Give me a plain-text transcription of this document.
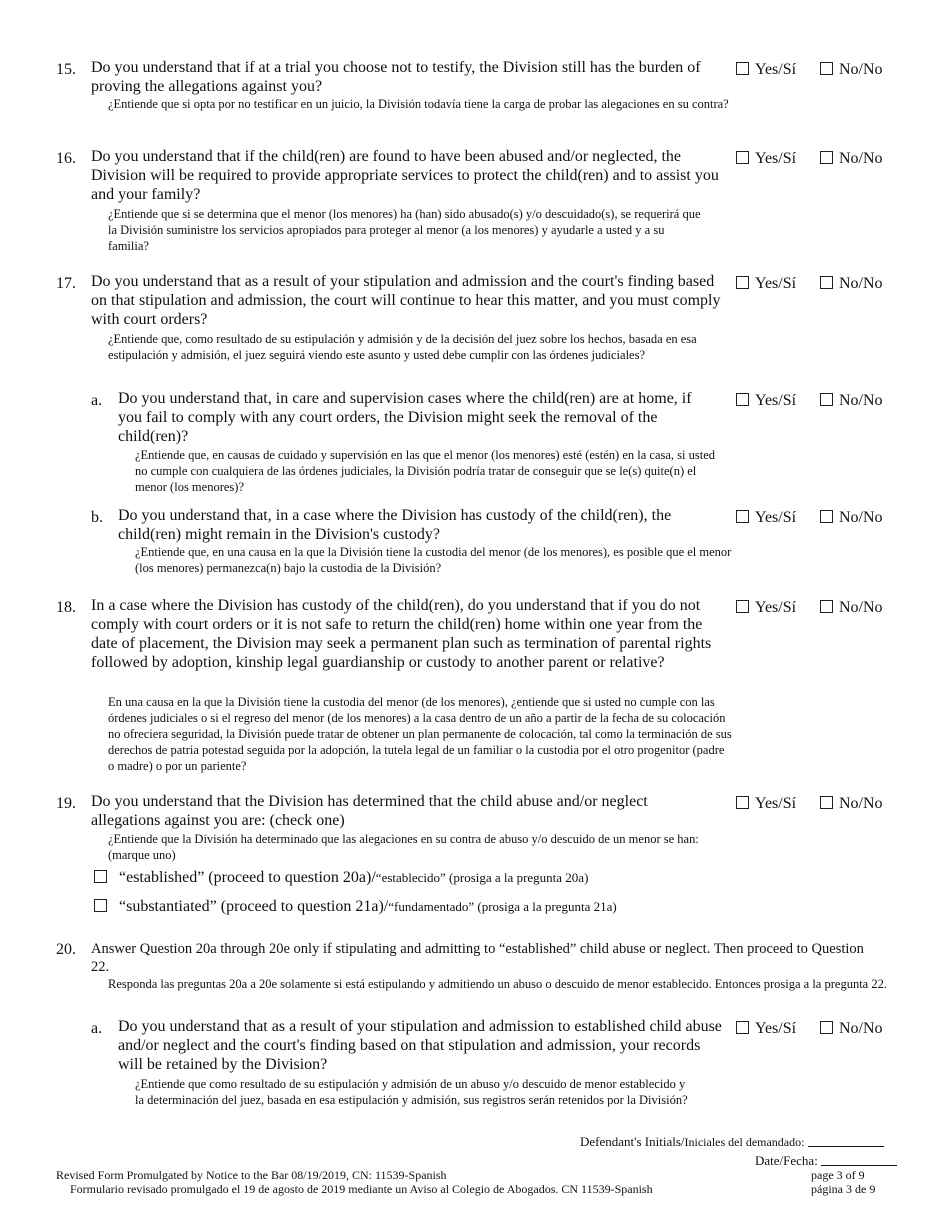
15. Do you understand that if at a trial you choose not to testify, the Division still has the burden of proving the allegations against you?
¿Entiende que si opta por no testificar en un juicio, la División todavía tiene la carga de probar las alegaciones en su contra?
Yes/Sí	No/No
16. Do you understand that if the child(ren) are found to have been abused and/or neglected, the Division will be required to provide appropriate services to protect the child(ren) and to assist you and your family?
¿Entiende que si se determina que el menor (los menores) ha (han) sido abusado(s) y/o descuidado(s), se requerirá que la División suministre los servicios apropiados para proteger al menor (a los menores) y ayudarle a usted y a su familia?
Yes/Sí	No/No
17. Do you understand that as a result of your stipulation and admission and the court's finding based on that stipulation and admission, the court will continue to hear this matter, and you must comply with court orders?
¿Entiende que, como resultado de su estipulación y admisión y de la decisión del juez sobre los hechos, basada en esa estipulación y admisión, el juez seguirá viendo este asunto y usted debe cumplir con las órdenes judiciales?
Yes/Sí	No/No
a. Do you understand that, in care and supervision cases where the child(ren) are at home, if you fail to comply with any court orders, the Division might seek the removal of the child(ren)?
¿Entiende que, en causas de cuidado y supervisión en las que el menor (los menores) esté (estén) en la casa, si usted no cumple con cualquiera de las órdenes judiciales, la División podría tratar de conseguir que se le(s) quite(n) el menor (los menores)?
Yes/Sí	No/No
b. Do you understand that, in a case where the Division has custody of the child(ren), the child(ren) might remain in the Division's custody?
¿Entiende que, en una causa en la que la División tiene la custodia del menor (de los menores), es posible que el menor (los menores) permanezca(n) bajo la custodia de la División?
Yes/Sí	No/No
18. In a case where the Division has custody of the child(ren), do you understand that if you do not comply with court orders or it is not safe to return the child(ren) home within one year from the date of placement, the Division may seek a permanent plan such as termination of parental rights followed by adoption, kinship legal guardianship or custody to another parent or relative?
En una causa en la que la División tiene la custodia del menor (de los menores), ¿entiende que si usted no cumple con las órdenes judiciales o si el regreso del menor (de los menores) a la casa dentro de un año a partir de la fecha de su colocación no ofreciera seguridad, la División puede tratar de obtener un plan permanente de colocación, tal como la terminación de sus derechos de patria potestad seguida por la adopción, la tutela legal de un familiar o la custodia por el otro progenitor (padre o madre) o por un pariente?
Yes/Sí	No/No
19. Do you understand that the Division has determined that the child abuse and/or neglect allegations against you are: (check one)
¿Entiende que la División ha determinado que las alegaciones en su contra de abuso y/o descuido de un menor se han: (marque uno)
Yes/Sí	No/No
“established” (proceed to question 20a)/“establecido” (prosiga a la pregunta 20a)
“substantiated” (proceed to question 21a)/“fundamentado” (prosiga a la pregunta 21a)
20. Answer Question 20a through 20e only if stipulating and admitting to “established” child abuse or neglect. Then proceed to Question 22.
Responda las preguntas 20a a 20e solamente si está estipulando y admitiendo un abuso o descuido de menor establecido. Entonces prosiga a la pregunta 22.
a. Do you understand that as a result of your stipulation and admission to established child abuse and/or neglect and the court's finding based on that stipulation and admission, your records will be retained by the Division?
¿Entiende que como resultado de su estipulación y admisión de un abuso y/o descuido de menor establecido y la determinación del juez, basada en esa estipulación y admisión, sus registros serán retenidos por la División?
Yes/Sí	No/No
Defendant's Initials/Iniciales del demandado:
Date/Fecha:
Revised Form Promulgated by Notice to the Bar 08/19/2019, CN: 11539-Spanish
Formulario revisado promulgado el 19 de agosto de 2019 mediante un Aviso al Colegio de Abogados. CN 11539-Spanish
page 3 of 9
página 3 de 9
